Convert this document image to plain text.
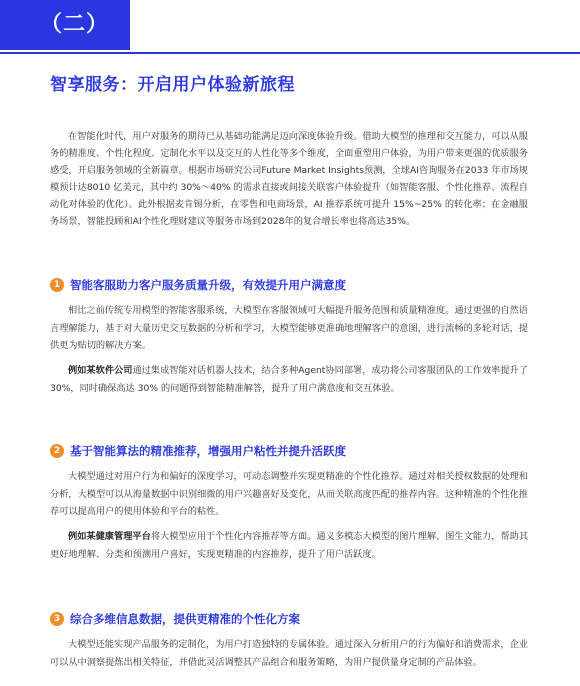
（二）
智享服务：开启用户体验新旅程
在智能化时代，用户对服务的期待已从基础功能满足迈向深度体验升级。借助大模型的推理和交互能力，可以从服务的精准度、个性化程度、定制化水平以及交互的人性化等多个维度，全面重塑用户体验，为用户带来更强的优质服务感受，开启服务领域的全新篇章。根据市场研究公司Future Market Insights预测，全球AI咨询服务在2033 年市场规模预计达8010 亿美元，其中约 30%～40% 的需求直接或间接关联客户体验提升（如智能客服、个性化推荐、流程自动化对体验的优化）。此外根据麦肯锡分析，在零售和电商场景，AI 推荐系统可提升 15%~25% 的转化率；在金融服务场景，智能投顾和AI个性化理财建议等服务市场到2028年的复合增长率也将高达35%。
1 智能客服助力客户服务质量升级，有效提升用户满意度
相比之前传统专用模型的智能客服系统，大模型在客服领域可大幅提升服务范围和质量精准度。通过更强的自然语言理解能力，基于对大量历史交互数据的分析和学习，大模型能够更准确地理解客户的意图，进行流畅的多轮对话，提供更为贴切的解决方案。
例如某软件公司通过集成智能对话机器人技术，结合多种Agent协同部署，成功将公司客服团队的工作效率提升了 30%，同时确保高达 30% 的问题得到智能精准解答，提升了用户满意度和交互体验。
2 基于智能算法的精准推荐，增强用户粘性并提升活跃度
大模型通过对用户行为和偏好的深度学习，可动态调整并实现更精准的个性化推荐。通过对相关授权数据的处理和分析，大模型可以从海量数据中识别细微的用户兴趣喜好及变化，从而关联高度匹配的推荐内容。这种精准的个性化推荐可以提高用户的使用体验和平台的粘性。
例如某健康管理平台将大模型应用于个性化内容推荐等方面。通义多模态大模型的图片理解、图生文能力，帮助其更好地理解、分类和预测用户喜好，实现更精准的内容推荐，提升了用户活跃度。
3 综合多维信息数据，提供更精准的个性化方案
大模型还能实现产品服务的定制化，为用户打造独特的专属体验。通过深入分析用户的行为偏好和消费需求，企业可以从中洞察提炼出相关特征，并借此灵活调整其产品组合和服务策略，为用户提供量身定制的产品体验。
